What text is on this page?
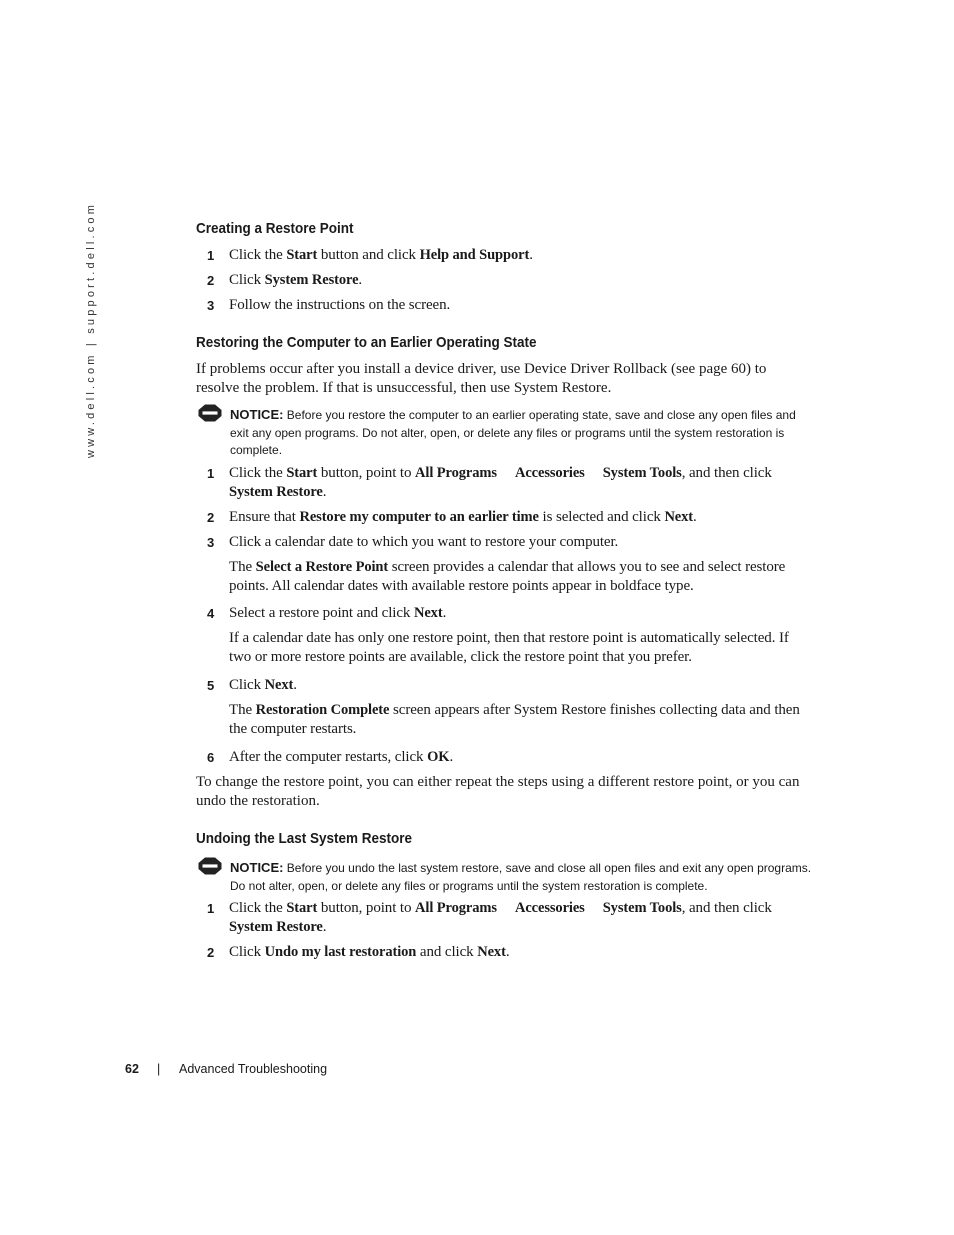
www.dell.com | support.dell.com	Creating a Restore Point
1 Click the Start button and click Help and Support.
2 Click System Restore.
3 Follow the instructions on the screen.
Restoring the Computer to an Earlier Operating State
If problems occur after you install a device driver, use Device Driver Rollback (see page 60) to resolve the problem. If that is unsuccessful, then use System Restore.
NOTICE: Before you restore the computer to an earlier operating state, save and close any open files and exit any open programs. Do not alter, open, or delete any files or programs until the system restoration is complete.
1 Click the Start button, point to All Programs Accessories System Tools, and then click System Restore.
2 Ensure that Restore my computer to an earlier time is selected and click Next.
3 Click a calendar date to which you want to restore your computer.
The Select a Restore Point screen provides a calendar that allows you to see and select restore points. All calendar dates with available restore points appear in boldface type.
4 Select a restore point and click Next.
If a calendar date has only one restore point, then that restore point is automatically selected. If two or more restore points are available, click the restore point that you prefer.
5 Click Next.
The Restoration Complete screen appears after System Restore finishes collecting data and then the computer restarts.
6 After the computer restarts, click OK.
To change the restore point, you can either repeat the steps using a different restore point, or you can undo the restoration.
Undoing the Last System Restore
NOTICE: Before you undo the last system restore, save and close all open files and exit any open programs. Do not alter, open, or delete any files or programs until the system restoration is complete.
1 Click the Start button, point to All Programs Accessories System Tools, and then click System Restore.
2 Click Undo my last restoration and click Next.
62 | Advanced Troubleshooting
